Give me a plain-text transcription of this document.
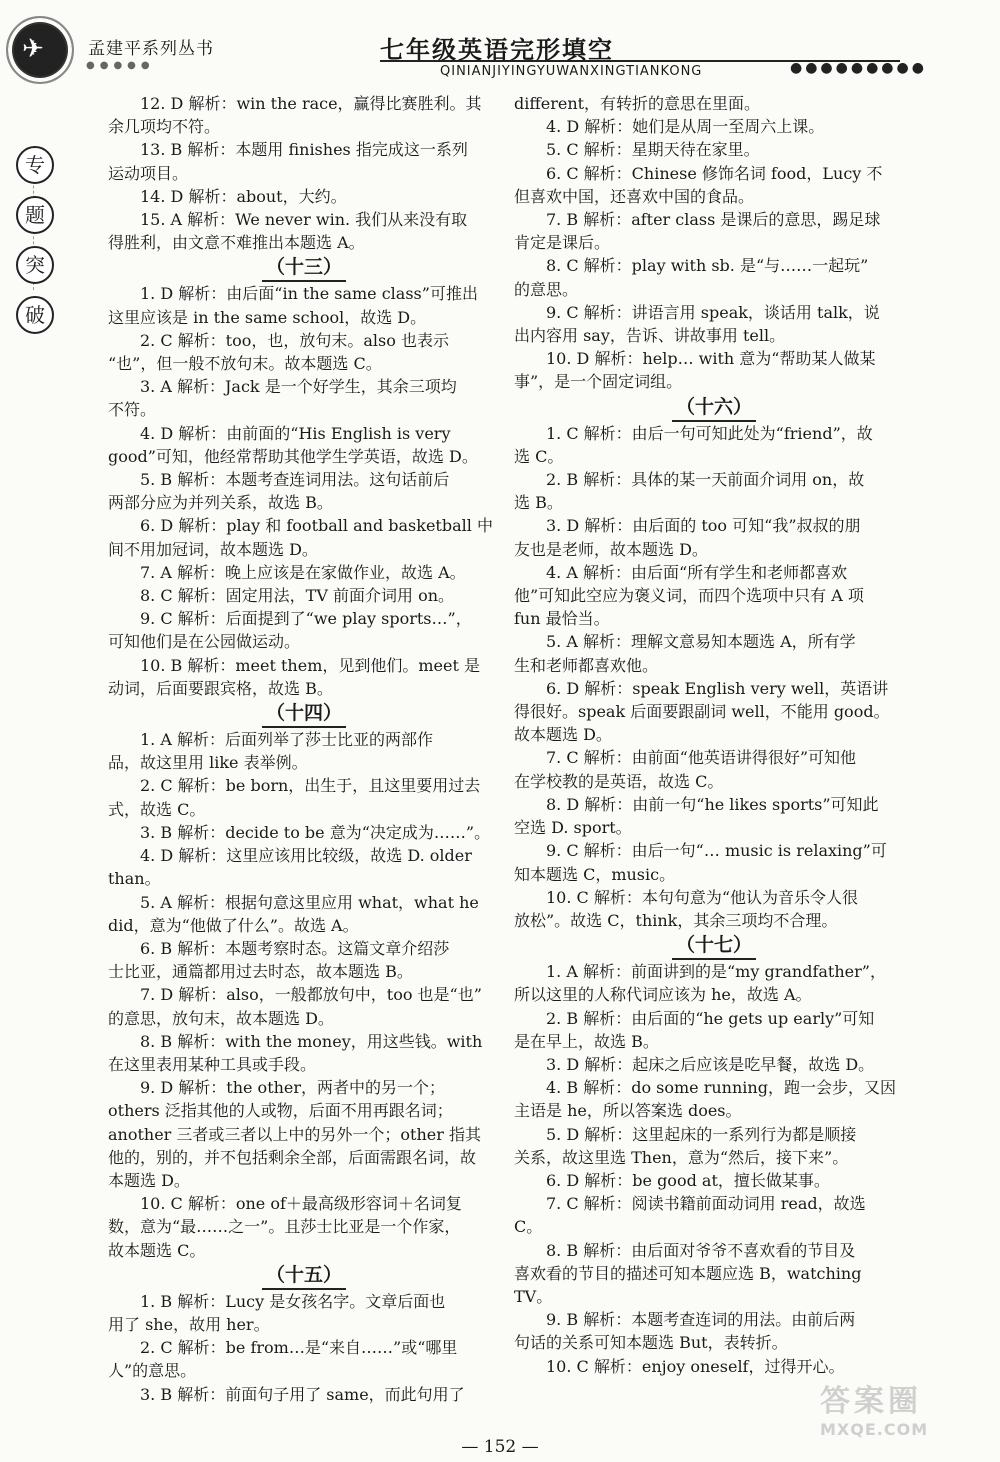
✈	孟建平系列丛书
●●●●●
七年级英语完形填空
QINIANJIYINGYUWANXINGTIANKONG	●●●●●●●●●
专
题
突
破

12. D 解析：win the race，赢得比赛胜利。其

余几项均不符。

13. B 解析：本题用 finishes 指完成这一系列

运动项目。

14. D 解析：about，大约。

15. A 解析：We never win. 我们从来没有取

得胜利，由文意不难推出本题选 A。

（十三）

1. D 解析：由后面“in the same class”可推出

这里应该是 in the same school，故选 D。

2. C 解析：too，也，放句末。also 也表示

“也”，但一般不放句末。故本题选 C。

3. A 解析：Jack 是一个好学生，其余三项均

不符。

4. D 解析：由前面的“His English is very

good”可知，他经常帮助其他学生学英语，故选 D。

5. B 解析：本题考查连词用法。这句话前后

两部分应为并列关系，故选 B。

6. D 解析：play 和 football and basketball 中

间不用加冠词，故本题选 D。

7. A 解析：晚上应该是在家做作业，故选 A。

8. C 解析：固定用法，TV 前面介词用 on。

9. C 解析：后面提到了“we play sports…”，

可知他们是在公园做运动。

10. B 解析：meet them，见到他们。meet 是

动词，后面要跟宾格，故选 B。

（十四）

1. A 解析：后面列举了莎士比亚的两部作

品，故这里用 like 表举例。

2. C 解析：be born，出生于，且这里要用过去

式，故选 C。

3. B 解析：decide to be 意为“决定成为……”。

4. D 解析：这里应该用比较级，故选 D. older

than。

5. A 解析：根据句意这里应用 what，what he

did，意为“他做了什么”。故选 A。

6. B 解析：本题考察时态。这篇文章介绍莎

士比亚，通篇都用过去时态，故本题选 B。

7. D 解析：also，一般都放句中，too 也是“也”

的意思，放句末，故本题选 D。

8. B 解析：with the money，用这些钱。with

在这里表用某种工具或手段。

9. D 解析：the other，两者中的另一个；

others 泛指其他的人或物，后面不用再跟名词；

another 三者或三者以上中的另外一个；other 指其

他的，别的，并不包括剩余全部，后面需跟名词，故

本题选 D。

10. C 解析：one of＋最高级形容词＋名词复

数，意为“最……之一”。且莎士比亚是一个作家，

故本题选 C。

（十五）

1. B 解析：Lucy 是女孩名字。文章后面也

用了 she，故用 her。

2. C 解析：be from…是“来自……”或“哪里

人”的意思。

3. B 解析：前面句子用了 same，而此句用了

different，有转折的意思在里面。

4. D 解析：她们是从周一至周六上课。

5. C 解析：星期天待在家里。

6. C 解析：Chinese 修饰名词 food，Lucy 不

但喜欢中国，还喜欢中国的食品。

7. B 解析：after class 是课后的意思，踢足球

肯定是课后。

8. C 解析：play with sb. 是“与……一起玩”

的意思。

9. C 解析：讲语言用 speak，谈话用 talk，说

出内容用 say，告诉、讲故事用 tell。

10. D 解析：help… with 意为“帮助某人做某

事”，是一个固定词组。

（十六）

1. C 解析：由后一句可知此处为“friend”，故

选 C。

2. B 解析：具体的某一天前面介词用 on，故

选 B。

3. D 解析：由后面的 too 可知“我”叔叔的朋

友也是老师，故本题选 D。

4. A 解析：由后面“所有学生和老师都喜欢

他”可知此空应为褒义词，而四个选项中只有 A 项

fun 最恰当。

5. A 解析：理解文意易知本题选 A，所有学

生和老师都喜欢他。

6. D 解析：speak English very well，英语讲

得很好。speak 后面要跟副词 well，不能用 good。

故本题选 D。

7. C 解析：由前面“他英语讲得很好”可知他

在学校教的是英语，故选 C。

8. D 解析：由前一句“he likes sports”可知此

空选 D. sport。

9. C 解析：由后一句“… music is relaxing”可

知本题选 C，music。

10. C 解析：本句句意为“他认为音乐令人很

放松”。故选 C，think，其余三项均不合理。

（十七）

1. A 解析：前面讲到的是“my grandfather”，

所以这里的人称代词应该为 he，故选 A。

2. B 解析：由后面的“he gets up early”可知

是在早上，故选 B。

3. D 解析：起床之后应该是吃早餐，故选 D。

4. B 解析：do some running，跑一会步，又因

主语是 he，所以答案选 does。

5. D 解析：这里起床的一系列行为都是顺接

关系，故这里选 Then，意为“然后，接下来”。

6. D 解析：be good at，擅长做某事。

7. C 解析：阅读书籍前面动词用 read，故选

C。

8. B 解析：由后面对爷爷不喜欢看的节目及

喜欢看的节目的描述可知本题应选 B，watching

TV。

9. B 解析：本题考查连词的用法。由前后两

句话的关系可知本题选 But，表转折。

10. C 解析：enjoy oneself，过得开心。

— 152 —
答案圈
MXQE.COM
